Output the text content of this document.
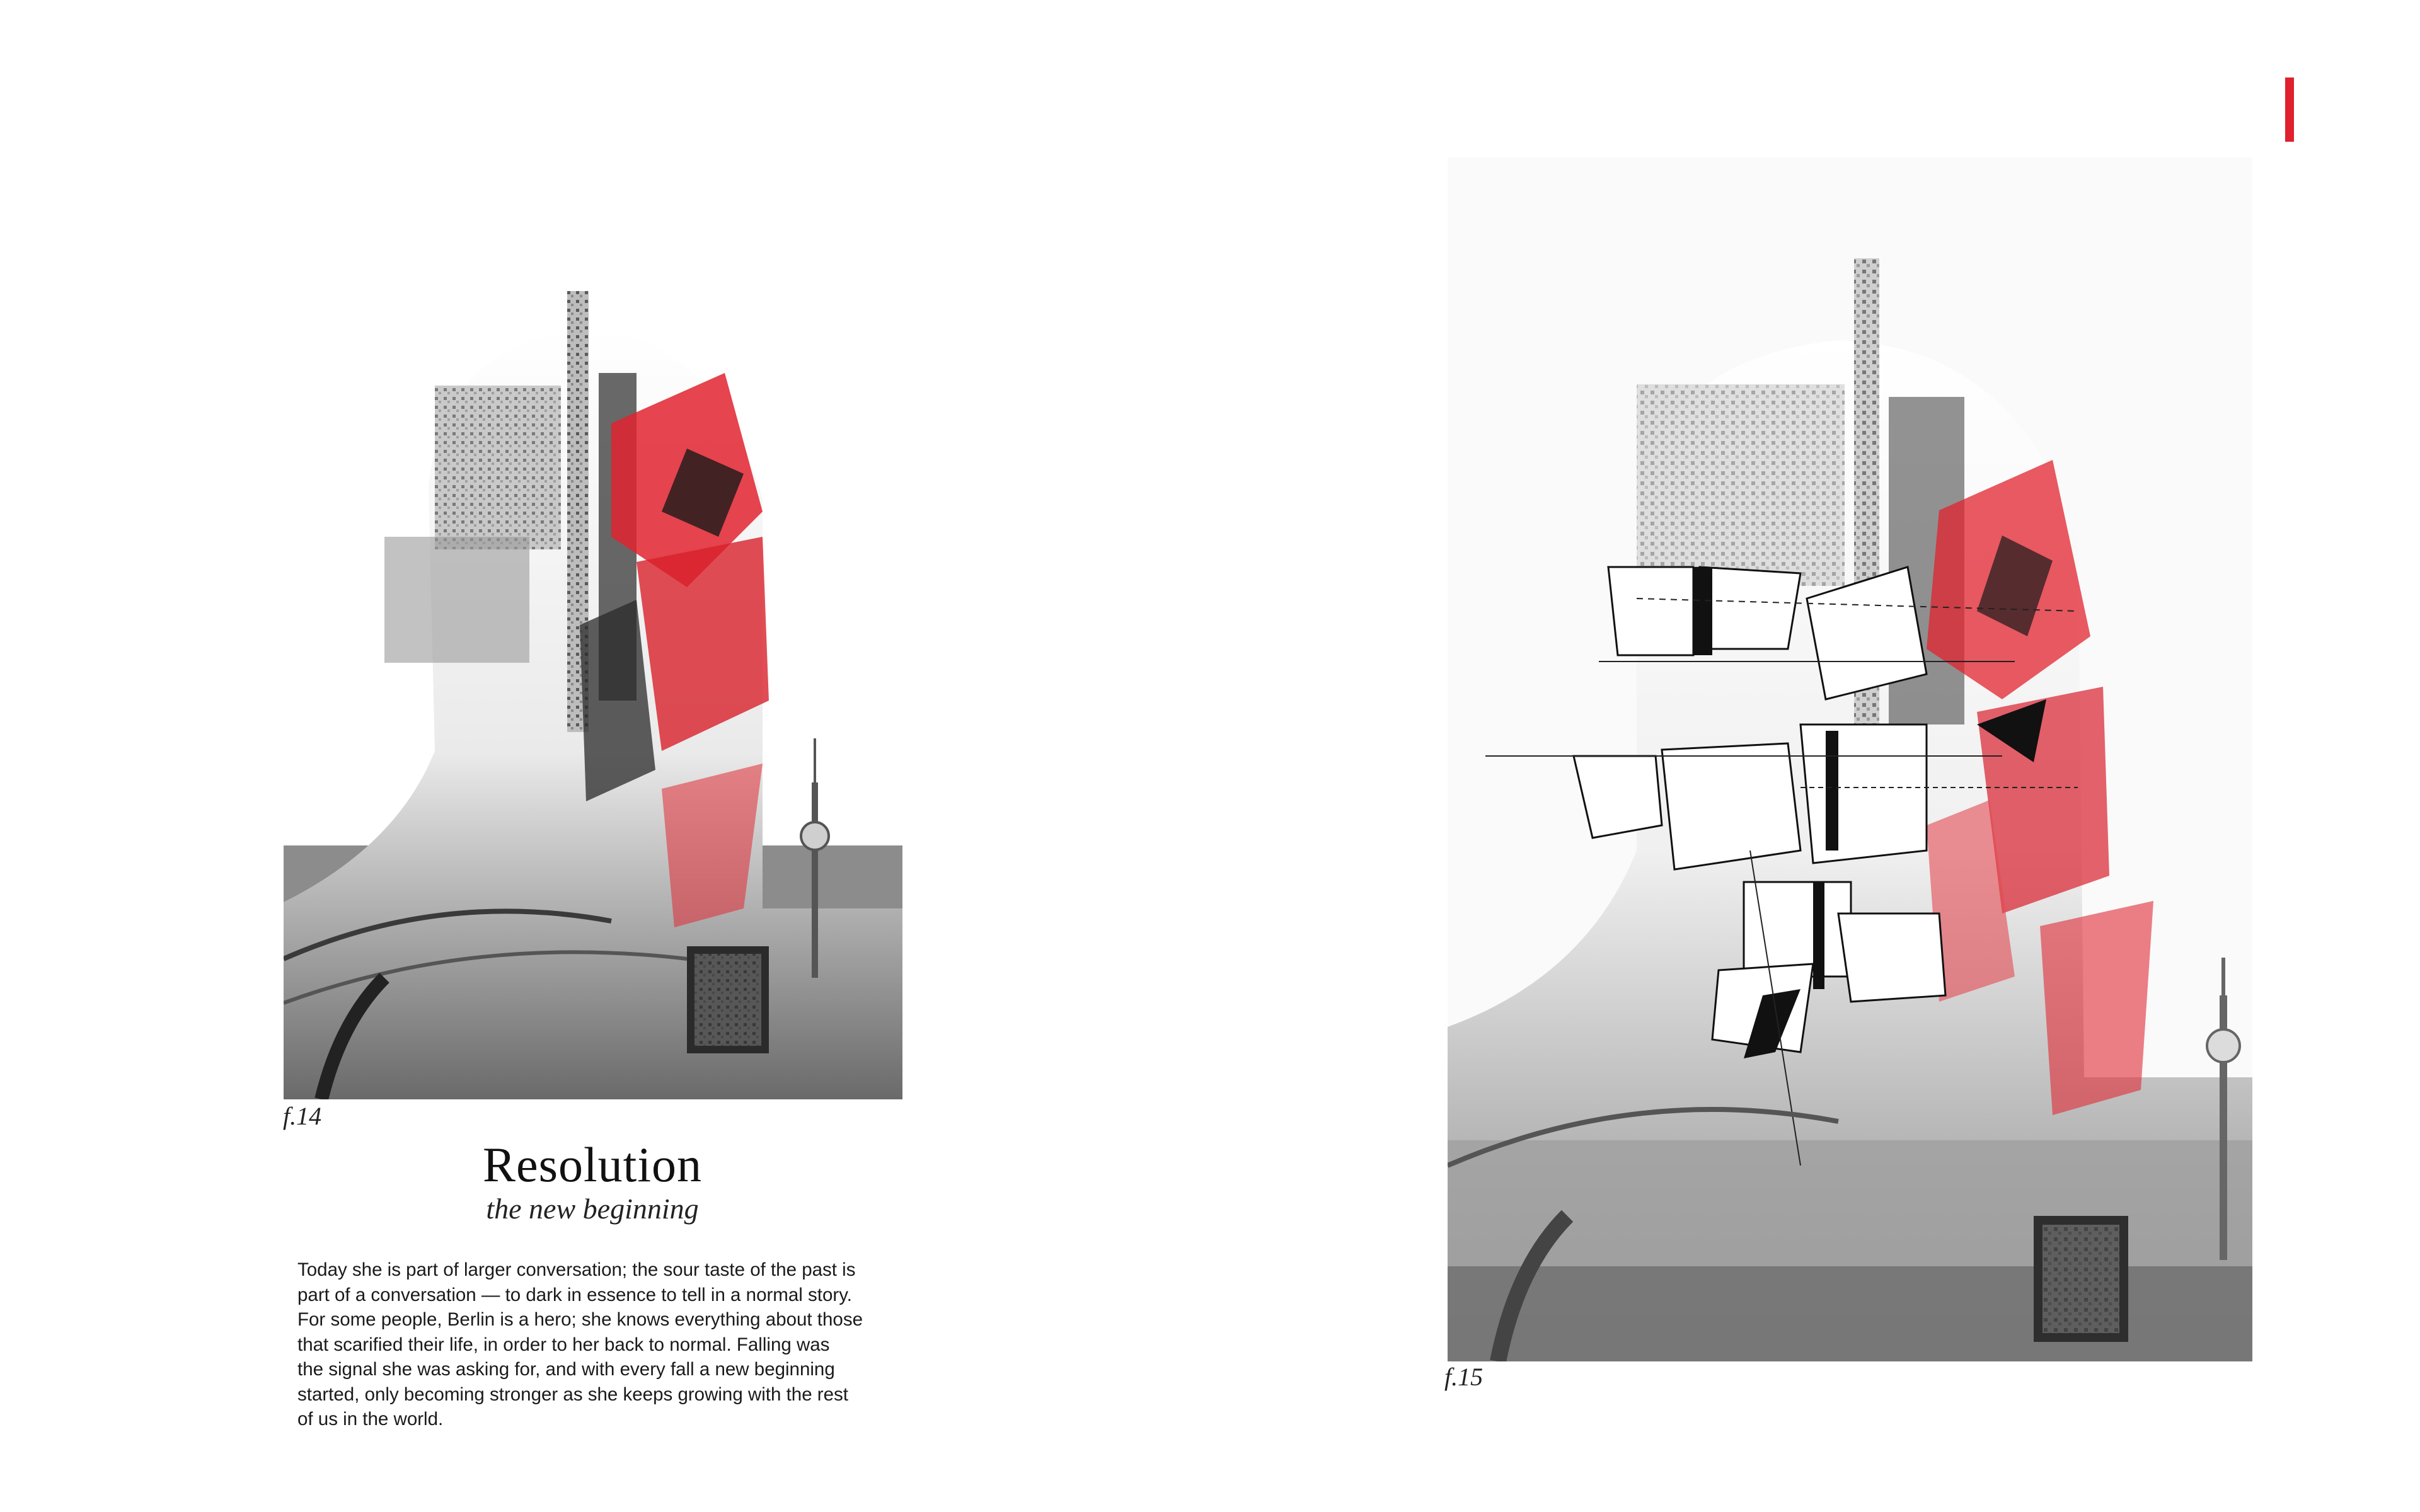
f.14
Resolution
the new beginning
Today she is part of larger conversation; the sour taste of the past is
part of a conversation — to dark in essence to tell in a normal story.
For some people, Berlin is a hero; she knows everything about those
that scarified their life, in order to her back to normal. Falling was
the signal she was asking for, and with every fall a new beginning
started, only becoming stronger as she keeps growing with the rest
of us in the world.
f.15
